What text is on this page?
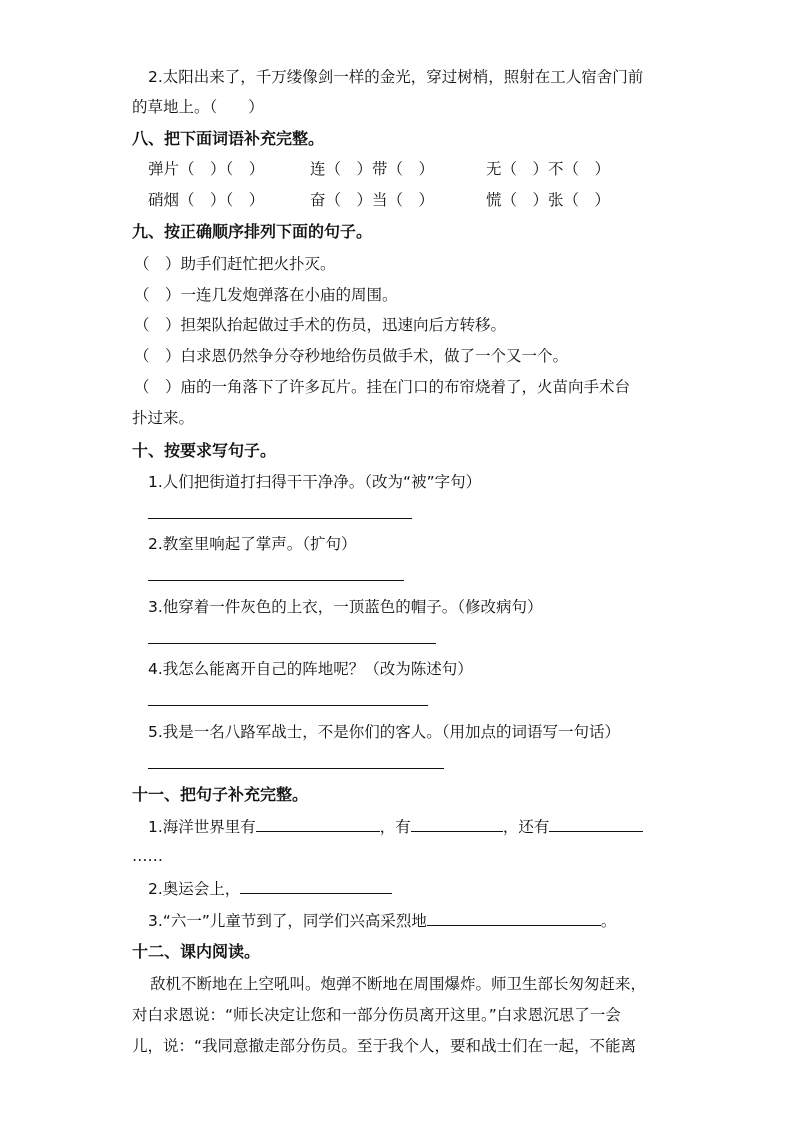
2.太阳出来了，千万缕像剑一样的金光，穿过树梢，照射在工人宿舍门前
的草地上。（　　）
八、把下面词语补充完整。
弹片（　）（　）	连（　）带（　）	无（　）不（　）
硝烟（　）（　）	奋（　）当（　）	慌（　）张（　）
九、按正确顺序排列下面的句子。
（　）助手们赶忙把火扑灭。
（　）一连几发炮弹落在小庙的周围。
（　）担架队抬起做过手术的伤员，迅速向后方转移。
（　）白求恩仍然争分夺秒地给伤员做手术，做了一个又一个。
（　）庙的一角落下了许多瓦片。挂在门口的布帘烧着了，火苗向手术台
扑过来。
十、按要求写句子。
1.人们把街道打扫得干干净净。（改为“被”字句）
2.教室里响起了掌声。（扩句）
3.他穿着一件灰色的上衣，一顶蓝色的帽子。（修改病句）
4.我怎么能离开自己的阵地呢？（改为陈述句）
5.我是一名八路军战士，不是你们的客人。（用加点的词语写一句话）
十一、把句子补充完整。
1.海洋世界里有	，有	，还有
……
2.奥运会上，
3.“六一”儿童节到了，同学们兴高采烈地	。
十二、课内阅读。
敌机不断地在上空吼叫。炮弹不断地在周围爆炸。师卫生部长匆匆赶来，
对白求恩说：“师长决定让您和一部分伤员离开这里。”白求恩沉思了一会
儿，说：“我同意撤走部分伤员。至于我个人，要和战士们在一起，不能离
